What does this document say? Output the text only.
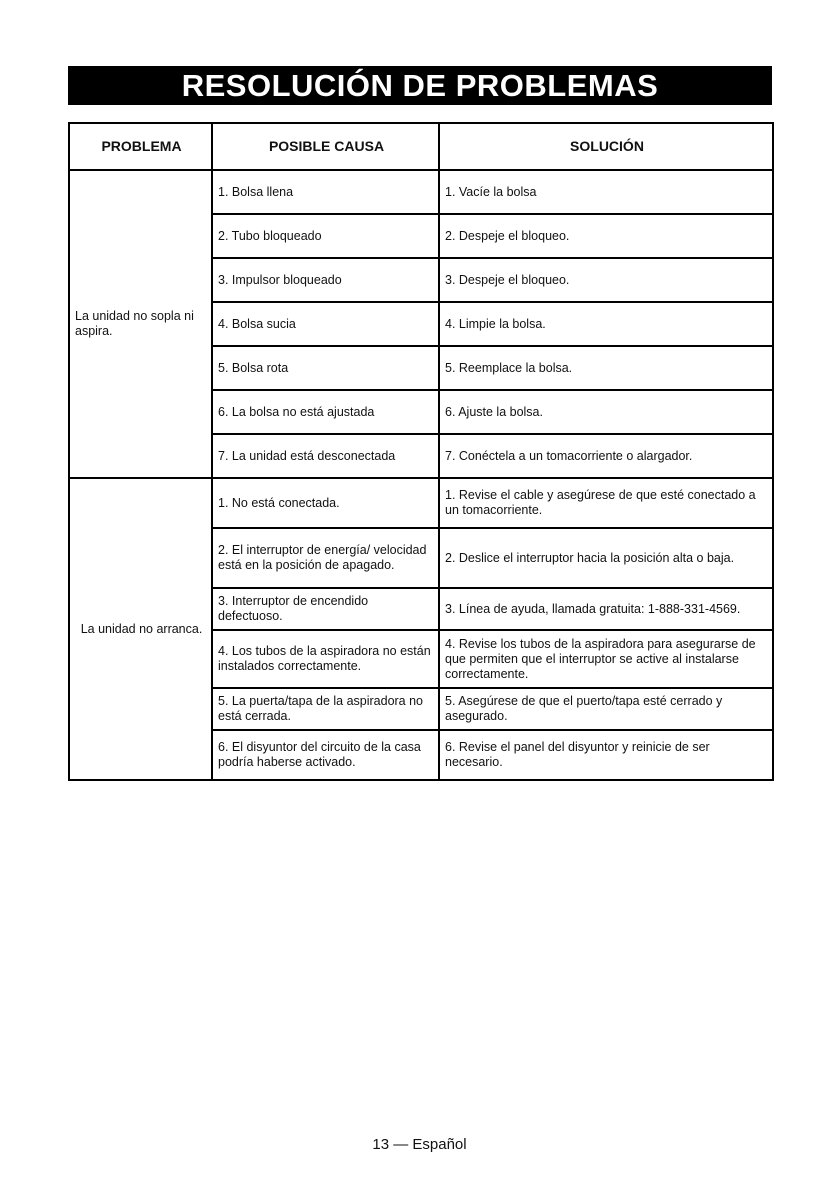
RESOLUCIÓN DE PROBLEMAS
PROBLEMA	POSIBLE CAUSA	SOLUCIÓN
La unidad no sopla ni aspira.	1. Bolsa llena	1. Vacíe la bolsa
	2. Tubo bloqueado	2. Despeje el bloqueo.
	3. Impulsor bloqueado	3. Despeje el bloqueo.
	4. Bolsa sucia	4. Limpie la bolsa.
	5. Bolsa rota	5. Reemplace la bolsa.
	6. La bolsa no está ajustada	6. Ajuste la bolsa.
	7. La unidad está desconectada	7. Conéctela a un tomacorriente o alargador.
La unidad no arranca.	1. No está conectada.	1. Revise el cable y asegúrese de que esté conectado a un tomacorriente.
	2. El interruptor de energía/ velocidad está en la posición de apagado.	2. Deslice el interruptor hacia la posición alta o baja.
	3. Interruptor de encendido defectuoso.	3. Línea de ayuda, llamada gratuita: 1-888-331-4569.
	4. Los tubos de la aspiradora no están instalados correctamente.	4. Revise los tubos de la aspiradora para asegurarse de que permiten que el interruptor se active al instalarse correctamente.
	5. La puerta/tapa de la aspiradora no está cerrada.	5. Asegúrese de que el puerto/tapa esté cerrado y asegurado.
	6. El disyuntor del circuito de la casa podría haberse activado.	6. Revise el panel del disyuntor y reinicie de ser necesario.
13 — Español
